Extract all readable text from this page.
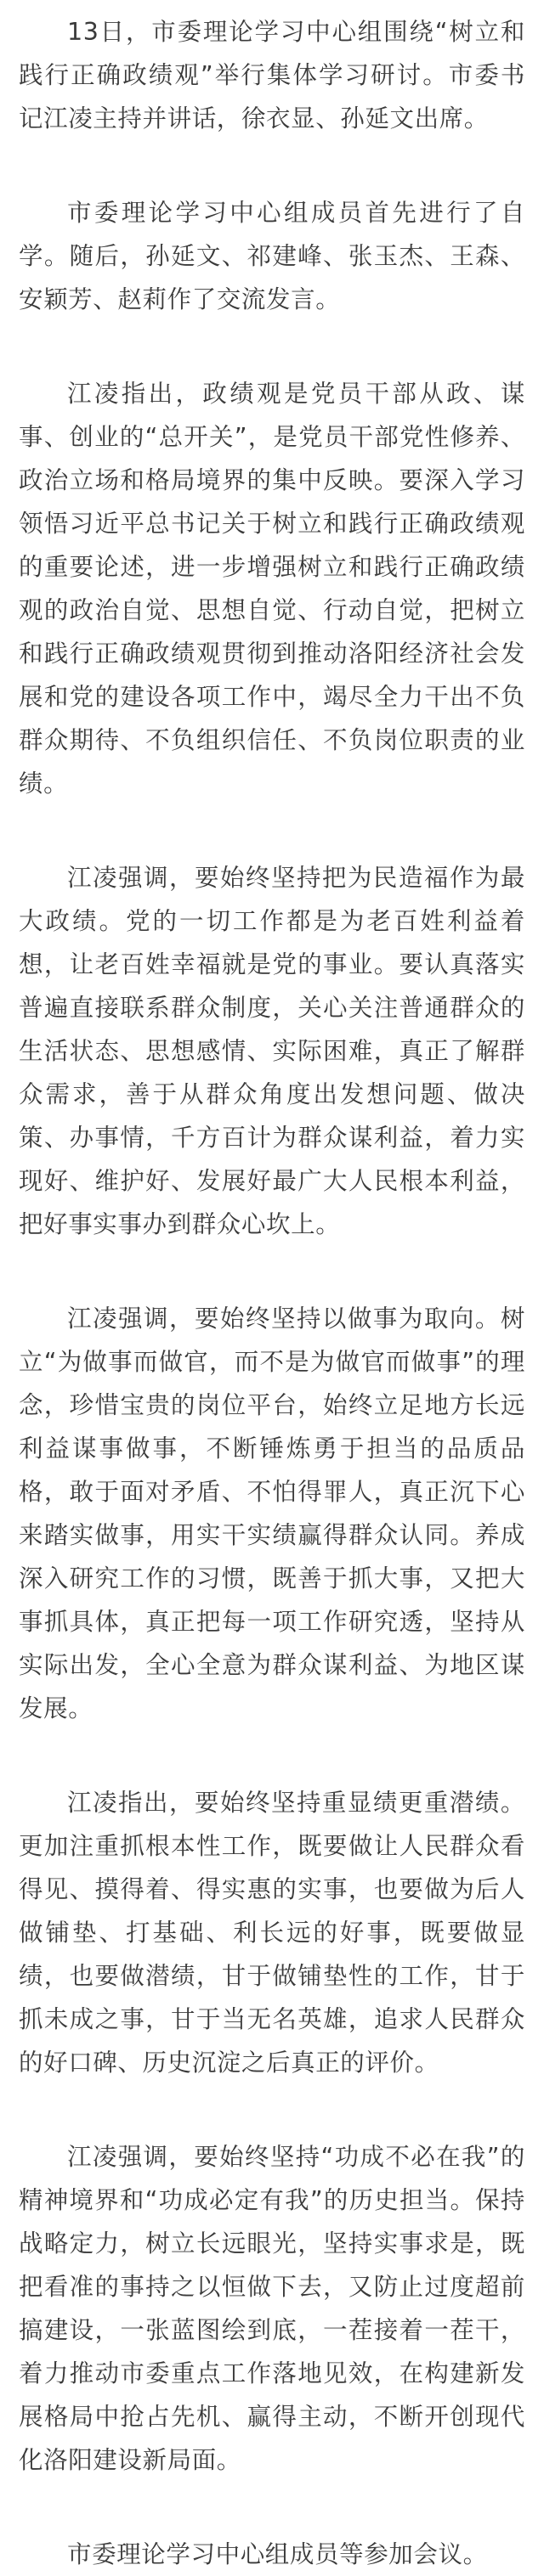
13日，市委理论学习中心组围绕“树立和践行正确政绩观”举行集体学习研讨。市委书记江凌主持并讲话，徐衣显、孙延文出席。

市委理论学习中心组成员首先进行了自学。随后，孙延文、祁建峰、张玉杰、王森、安颖芳、赵莉作了交流发言。

江凌指出，政绩观是党员干部从政、谋事、创业的“总开关”，是党员干部党性修养、政治立场和格局境界的集中反映。要深入学习领悟习近平总书记关于树立和践行正确政绩观的重要论述，进一步增强树立和践行正确政绩观的政治自觉、思想自觉、行动自觉，把树立和践行正确政绩观贯彻到推动洛阳经济社会发展和党的建设各项工作中，竭尽全力干出不负群众期待、不负组织信任、不负岗位职责的业绩。

江凌强调，要始终坚持把为民造福作为最大政绩。党的一切工作都是为老百姓利益着想，让老百姓幸福就是党的事业。要认真落实普遍直接联系群众制度，关心关注普通群众的生活状态、思想感情、实际困难，真正了解群众需求，善于从群众角度出发想问题、做决策、办事情，千方百计为群众谋利益，着力实现好、维护好、发展好最广大人民根本利益，把好事实事办到群众心坎上。

江凌强调，要始终坚持以做事为取向。树立“为做事而做官，而不是为做官而做事”的理念，珍惜宝贵的岗位平台，始终立足地方长远利益谋事做事，不断锤炼勇于担当的品质品格，敢于面对矛盾、不怕得罪人，真正沉下心来踏实做事，用实干实绩赢得群众认同。养成深入研究工作的习惯，既善于抓大事，又把大事抓具体，真正把每一项工作研究透，坚持从实际出发，全心全意为群众谋利益、为地区谋发展。

江凌指出，要始终坚持重显绩更重潜绩。更加注重抓根本性工作，既要做让人民群众看得见、摸得着、得实惠的实事，也要做为后人做铺垫、打基础、利长远的好事，既要做显绩，也要做潜绩，甘于做铺垫性的工作，甘于抓未成之事，甘于当无名英雄，追求人民群众的好口碑、历史沉淀之后真正的评价。

江凌强调，要始终坚持“功成不必在我”的精神境界和“功成必定有我”的历史担当。保持战略定力，树立长远眼光，坚持实事求是，既把看准的事持之以恒做下去，又防止过度超前搞建设，一张蓝图绘到底，一茬接着一茬干，着力推动市委重点工作落地见效，在构建新发展格局中抢占先机、赢得主动，不断开创现代化洛阳建设新局面。

市委理论学习中心组成员等参加会议。
